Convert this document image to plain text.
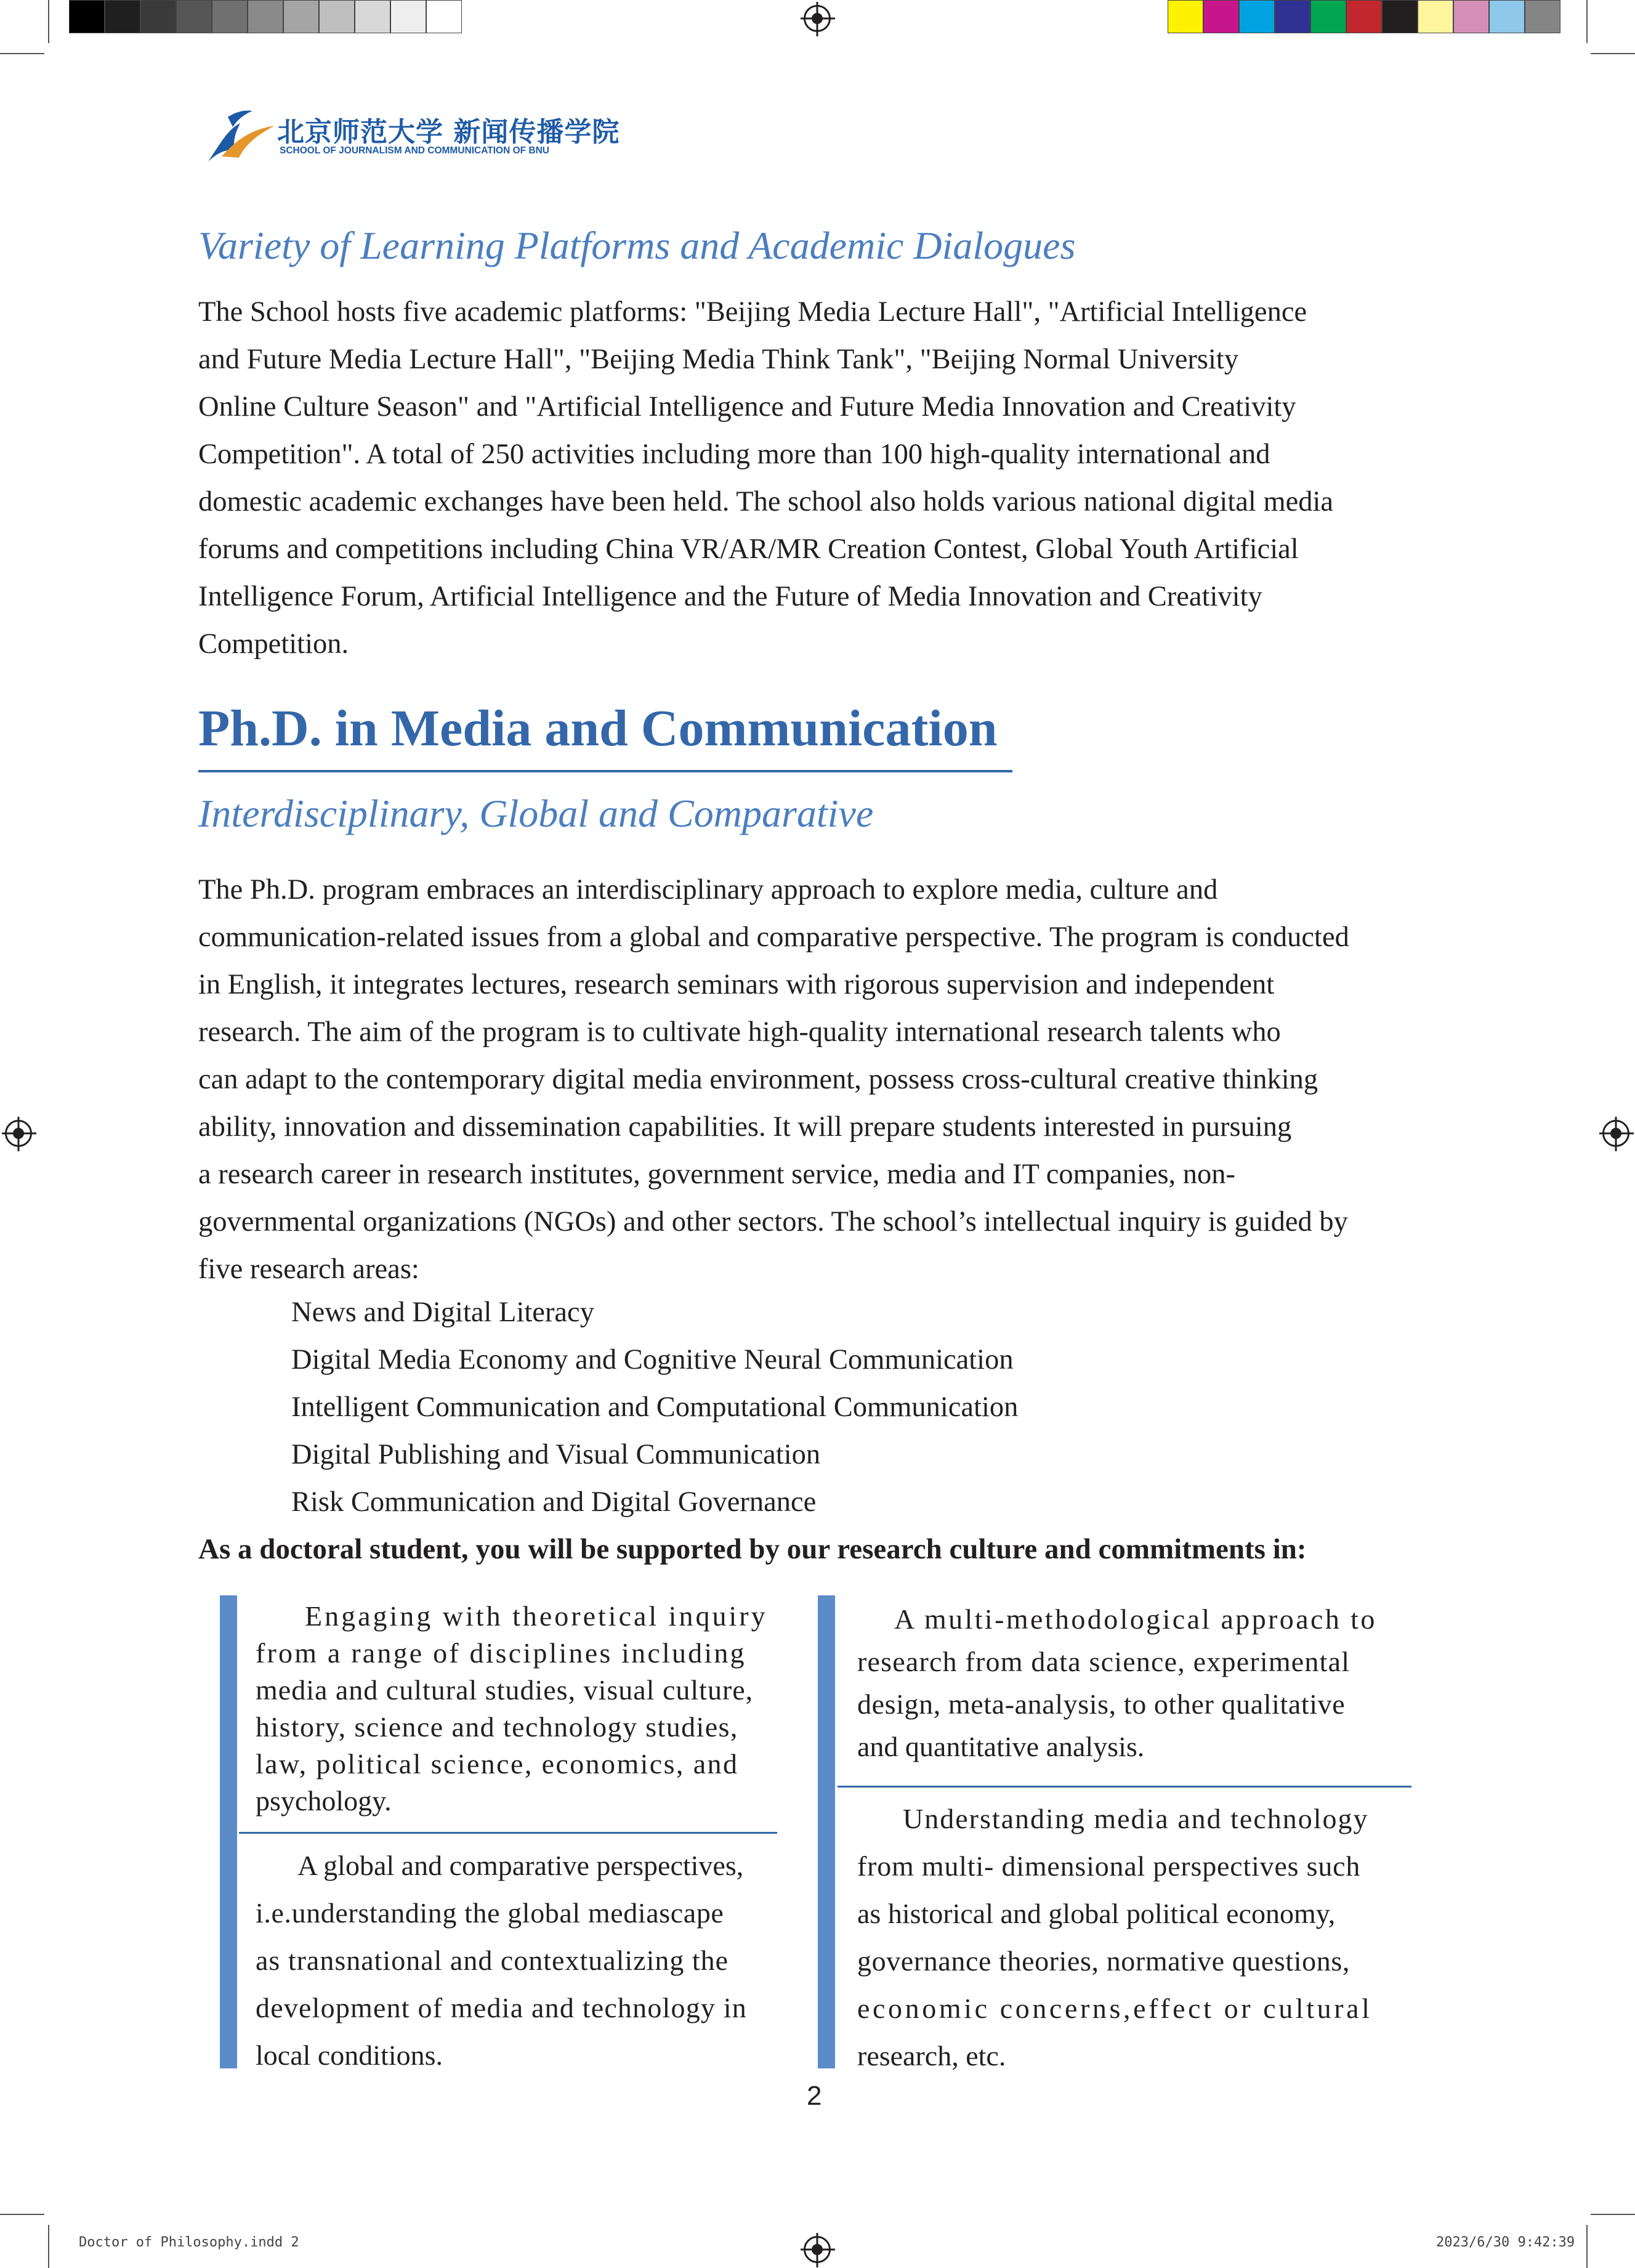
北京师范大学 新闻传播学院
SCHOOL OF JOURNALISM AND COMMUNICATION OF BNU
Variety of Learning Platforms and Academic Dialogues
The School hosts five academic platforms: "Beijing Media Lecture Hall", "Artificial Intelligence
and Future Media Lecture Hall", "Beijing Media Think Tank", "Beijing Normal University
Online Culture Season" and "Artificial Intelligence and Future Media Innovation and Creativity
Competition". A total of 250 activities including more than 100 high-quality international and
domestic academic exchanges have been held. The school also holds various national digital media
forums and competitions including China VR/AR/MR Creation Contest, Global Youth Artificial
Intelligence Forum, Artificial Intelligence and the Future of Media Innovation and Creativity
Competition.
Ph.D. in Media and Communication
Interdisciplinary, Global and Comparative
The Ph.D. program embraces an interdisciplinary approach to explore media, culture and
communication-related issues from a global and comparative perspective. The program is conducted
in English, it integrates lectures, research seminars with rigorous supervision and independent
research. The aim of the program is to cultivate high-quality international research talents who
can adapt to the contemporary digital media environment, possess cross-cultural creative thinking
ability, innovation and dissemination capabilities. It will prepare students interested in pursuing
a research career in research institutes, government service, media and IT companies, non-
governmental organizations (NGOs) and other sectors. The school’s intellectual inquiry is guided by
five research areas:
News and Digital Literacy
Digital Media Economy and Cognitive Neural Communication
Intelligent Communication and Computational Communication
Digital Publishing and Visual Communication
Risk Communication and Digital Governance
As a doctoral student, you will be supported by our research culture and commitments in:
Engaging with theoretical inquiry
from a range of disciplines including
media and cultural studies, visual culture,
history, science and technology studies,
law, political science, economics, and
psychology.
A global and comparative perspectives,
i.e.understanding the global mediascape
as transnational and contextualizing the
development of media and technology in
local conditions.
A multi-methodological approach to
research from data science, experimental
design, meta-analysis, to other qualitative
and quantitative analysis.
Understanding media and technology
from multi- dimensional perspectives such
as historical and global political economy,
governance theories, normative questions,
economic concerns,effect or cultural
research, etc.
2
Doctor of Philosophy.indd 2	2023/6/30 9:42:39
